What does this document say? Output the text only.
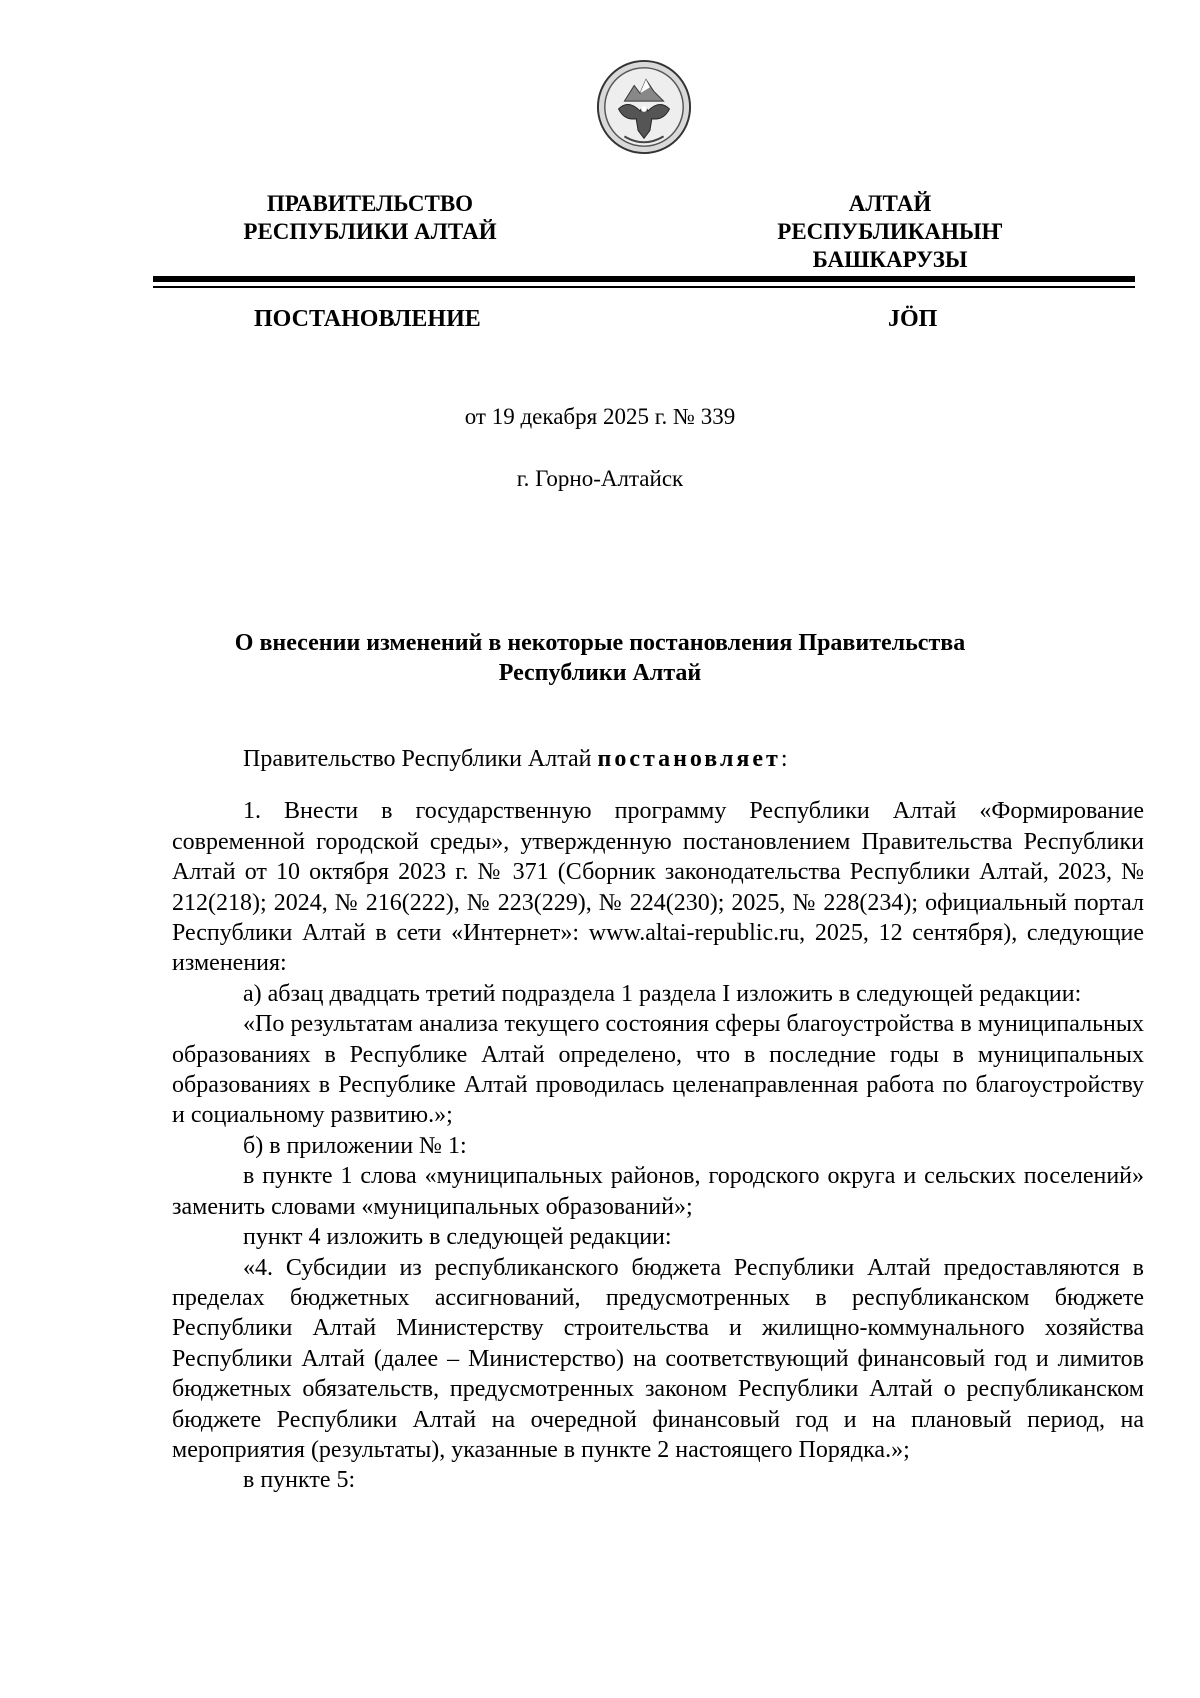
ПРАВИТЕЛЬСТВО
РЕСПУБЛИКИ АЛТАЙ
АЛТАЙ РЕСПУБЛИКАНЫҤ
БАШКАРУЗЫ
ПОСТАНОВЛЕНИЕ	JÖП
от 19 декабря 2025 г. № 339
г. Горно-Алтайск
О внесении изменений в некоторые постановления Правительства
Республики Алтай

Правительство Республики Алтай постановляет:

1. Внести в государственную программу Республики Алтай «Формирование современной городской среды», утвержденную постановлением Правительства Республики Алтай от 10 октября 2023 г. № 371 (Сборник законодательства Республики Алтай, 2023, № 212(218); 2024, № 216(222), № 223(229), № 224(230); 2025, № 228(234); официальный портал Республики Алтай в сети «Интернет»: www.altai-republic.ru, 2025, 12 сентября), следующие изменения:

а) абзац двадцать третий подраздела 1 раздела I изложить в следующей редакции:

«По результатам анализа текущего состояния сферы благоустройства в муниципальных образованиях в Республике Алтай определено, что в последние годы в муниципальных образованиях в Республике Алтай проводилась целенаправленная работа по благоустройству и социальному развитию.»;

б) в приложении № 1:

в пункте 1 слова «муниципальных районов, городского округа и сельских поселений» заменить словами «муниципальных образований»;

пункт 4 изложить в следующей редакции:

«4. Субсидии из республиканского бюджета Республики Алтай предоставляются в пределах бюджетных ассигнований, предусмотренных в республиканском бюджете Республики Алтай Министерству строительства и жилищно-коммунального хозяйства Республики Алтай (далее – Министерство) на соответствующий финансовый год и лимитов бюджетных обязательств, предусмотренных законом Республики Алтай о республиканском бюджете Республики Алтай на очередной финансовый год и на плановый период, на мероприятия (результаты), указанные в пункте 2 настоящего Порядка.»;

в пункте 5:
